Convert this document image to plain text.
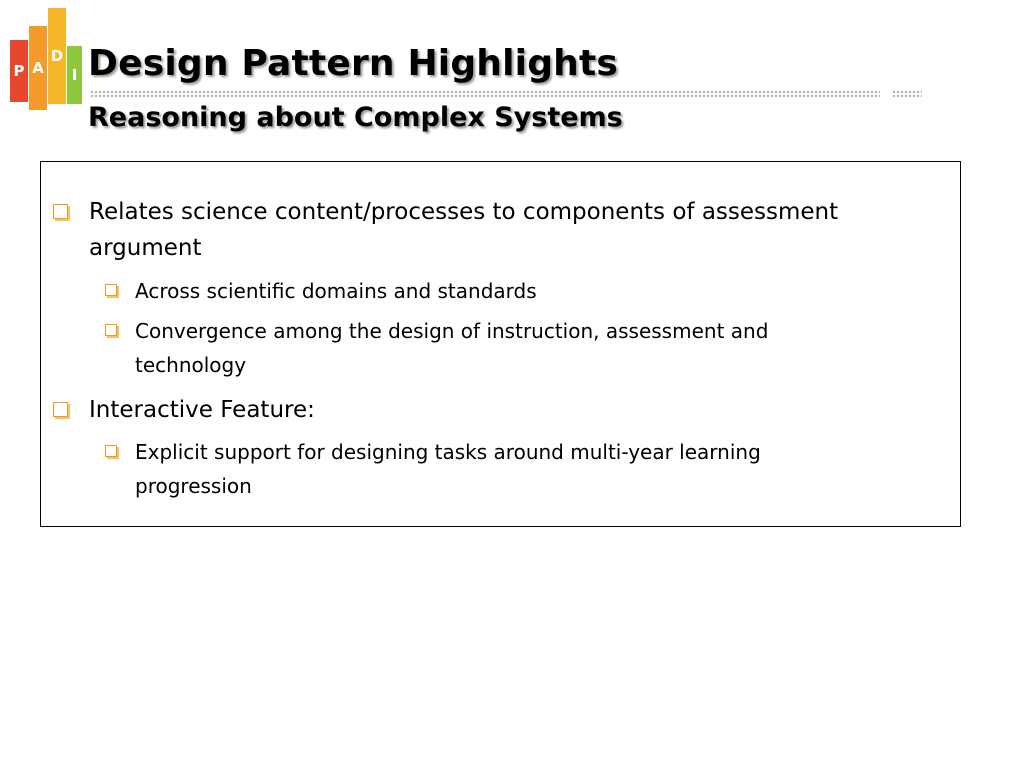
P A
D
I Design Pattern Highlights
Reasoning about Complex Systems
Relates science content/processes to components of assessment
argument
Across scientific domains and standards
Convergence among the design of instruction, assessment and
technology
Interactive Feature:
Explicit support for designing tasks around multi-year learning
progression
